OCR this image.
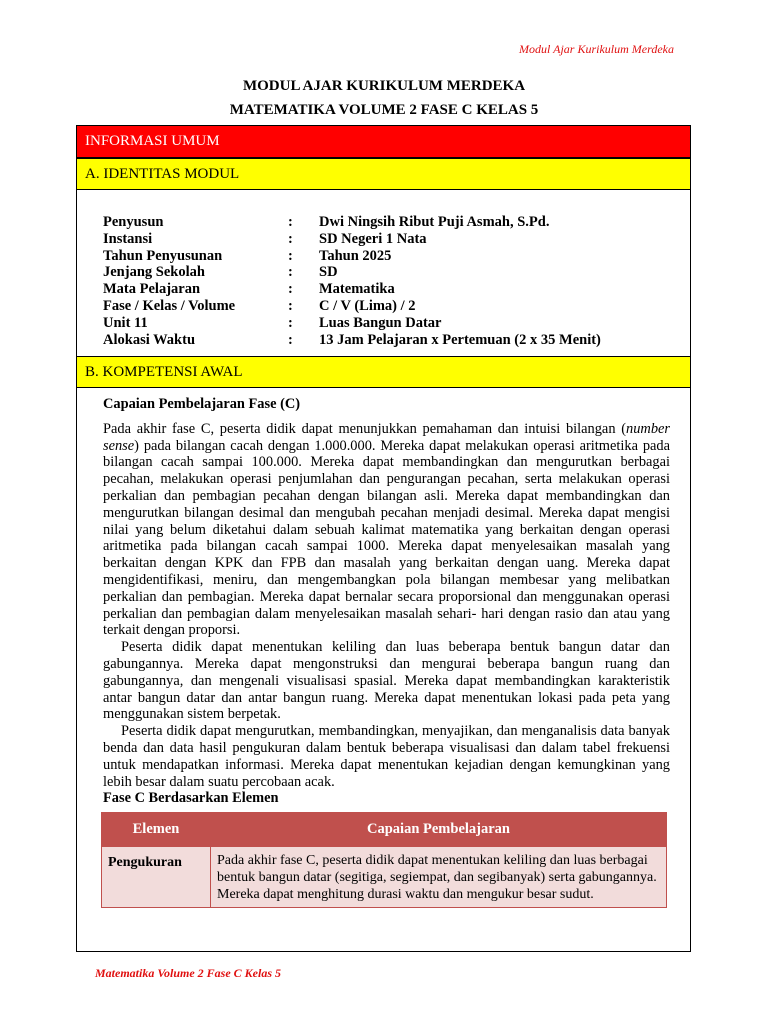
Modul Ajar Kurikulum Merdeka
MODUL AJAR KURIKULUM MERDEKA
MATEMATIKA VOLUME 2 FASE C KELAS 5
INFORMASI UMUM
A. IDENTITAS MODUL
Penyusun	:	Dwi Ningsih Ribut Puji Asmah, S.Pd.
Instansi	:	SD Negeri 1 Nata
Tahun Penyusunan	:	Tahun 2025
Jenjang Sekolah	:	SD
Mata Pelajaran	:	Matematika
Fase / Kelas / Volume	:	C / V (Lima) / 2
Unit 11	:	Luas Bangun Datar
Alokasi Waktu	:	13 Jam Pelajaran x Pertemuan (2 x 35 Menit)
B. KOMPETENSI AWAL
Capaian Pembelajaran Fase (C)

Pada akhir fase C, peserta didik dapat menunjukkan pemahaman dan intuisi bilangan (number sense) pada bilangan cacah dengan 1.000.000. Mereka dapat melakukan operasi aritmetika pada bilangan cacah sampai 100.000. Mereka dapat membandingkan dan mengurutkan berbagai pecahan, melakukan operasi penjumlahan dan pengurangan pecahan, serta melakukan operasi perkalian dan pembagian pecahan dengan bilangan asli. Mereka dapat membandingkan dan mengurutkan bilangan desimal dan mengubah pecahan menjadi desimal. Mereka dapat mengisi nilai yang belum diketahui dalam sebuah kalimat matematika yang berkaitan dengan operasi aritmetika pada bilangan cacah sampai 1000. Mereka dapat menyelesaikan masalah yang berkaitan dengan KPK dan FPB dan masalah yang berkaitan dengan uang. Mereka dapat mengidentifikasi, meniru, dan mengembangkan pola bilangan membesar yang melibatkan perkalian dan pembagian. Mereka dapat bernalar secara proporsional dan menggunakan operasi perkalian dan pembagian dalam menyelesaikan masalah sehari- hari dengan rasio dan atau yang terkait dengan proporsi.

Peserta didik dapat menentukan keliling dan luas beberapa bentuk bangun datar dan gabungannya. Mereka dapat mengonstruksi dan mengurai beberapa bangun ruang dan gabungannya, dan mengenali visualisasi spasial. Mereka dapat membandingkan karakteristik antar bangun datar dan antar bangun ruang. Mereka dapat menentukan lokasi pada peta yang menggunakan sistem berpetak.

Peserta didik dapat mengurutkan, membandingkan, menyajikan, dan menganalisis data banyak benda dan data hasil pengukuran dalam bentuk beberapa visualisasi dan dalam tabel frekuensi untuk mendapatkan informasi. Mereka dapat menentukan kejadian dengan kemungkinan yang lebih besar dalam suatu percobaan acak.

Fase C Berdasarkan Elemen
Elemen	Capaian Pembelajaran
Pengukuran	Pada akhir fase C, peserta didik dapat menentukan keliling dan luas berbagai bentuk bangun datar (segitiga, segiempat, dan segibanyak) serta gabungannya. Mereka dapat menghitung durasi waktu dan mengukur besar sudut.
Matematika Volume 2 Fase C Kelas 5
